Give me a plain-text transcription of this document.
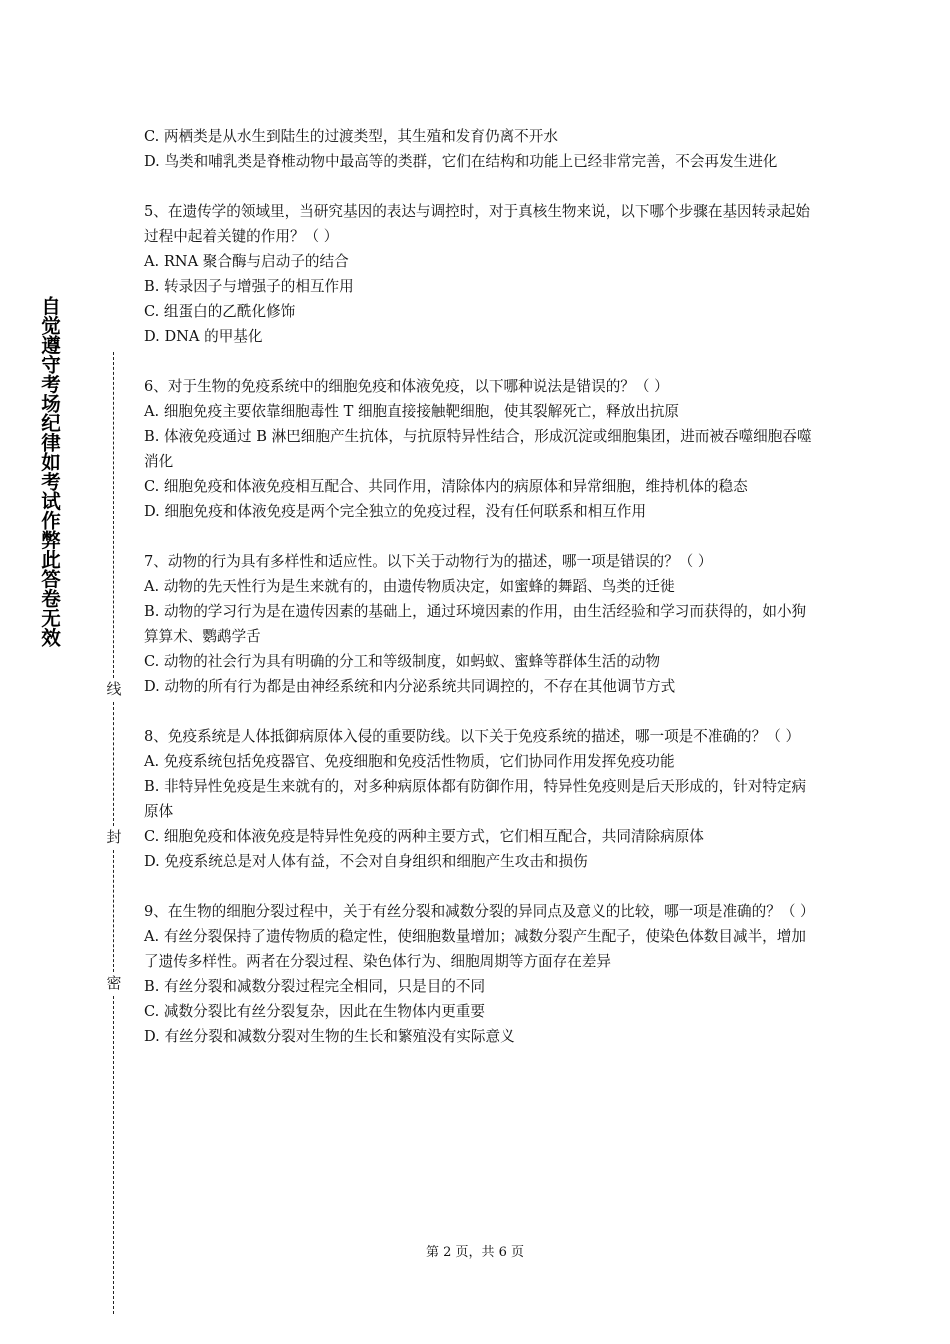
自觉遵守考场纪律如考试作弊此答卷无效
线
封
密
C. 两栖类是从水生到陆生的过渡类型，其生殖和发育仍离不开水
D. 鸟类和哺乳类是脊椎动物中最高等的类群，它们在结构和功能上已经非常完善，不会再发生进化
5、在遗传学的领域里，当研究基因的表达与调控时，对于真核生物来说，以下哪个步骤在基因转录起始过程中起着关键的作用？（ ）
A. RNA 聚合酶与启动子的结合
B. 转录因子与增强子的相互作用
C. 组蛋白的乙酰化修饰
D. DNA 的甲基化
6、对于生物的免疫系统中的细胞免疫和体液免疫，以下哪种说法是错误的？（ ）
A. 细胞免疫主要依靠细胞毒性 T 细胞直接接触靶细胞，使其裂解死亡，释放出抗原
B. 体液免疫通过 B 淋巴细胞产生抗体，与抗原特异性结合，形成沉淀或细胞集团，进而被吞噬细胞吞噬消化
C. 细胞免疫和体液免疫相互配合、共同作用，清除体内的病原体和异常细胞，维持机体的稳态
D. 细胞免疫和体液免疫是两个完全独立的免疫过程，没有任何联系和相互作用
7、动物的行为具有多样性和适应性。以下关于动物行为的描述，哪一项是错误的？（ ）
A. 动物的先天性行为是生来就有的，由遗传物质决定，如蜜蜂的舞蹈、鸟类的迁徙
B. 动物的学习行为是在遗传因素的基础上，通过环境因素的作用，由生活经验和学习而获得的，如小狗算算术、鹦鹉学舌
C. 动物的社会行为具有明确的分工和等级制度，如蚂蚁、蜜蜂等群体生活的动物
D. 动物的所有行为都是由神经系统和内分泌系统共同调控的，不存在其他调节方式
8、免疫系统是人体抵御病原体入侵的重要防线。以下关于免疫系统的描述，哪一项是不准确的？（ ）
A. 免疫系统包括免疫器官、免疫细胞和免疫活性物质，它们协同作用发挥免疫功能
B. 非特异性免疫是生来就有的，对多种病原体都有防御作用，特异性免疫则是后天形成的，针对特定病原体
C. 细胞免疫和体液免疫是特异性免疫的两种主要方式，它们相互配合，共同清除病原体
D. 免疫系统总是对人体有益，不会对自身组织和细胞产生攻击和损伤
9、在生物的细胞分裂过程中，关于有丝分裂和减数分裂的异同点及意义的比较，哪一项是准确的？（ ）
A. 有丝分裂保持了遗传物质的稳定性，使细胞数量增加；减数分裂产生配子，使染色体数目减半，增加了遗传多样性。两者在分裂过程、染色体行为、细胞周期等方面存在差异
B. 有丝分裂和减数分裂过程完全相同，只是目的不同
C. 减数分裂比有丝分裂复杂，因此在生物体内更重要
D. 有丝分裂和减数分裂对生物的生长和繁殖没有实际意义
第 2 页，共 6 页
